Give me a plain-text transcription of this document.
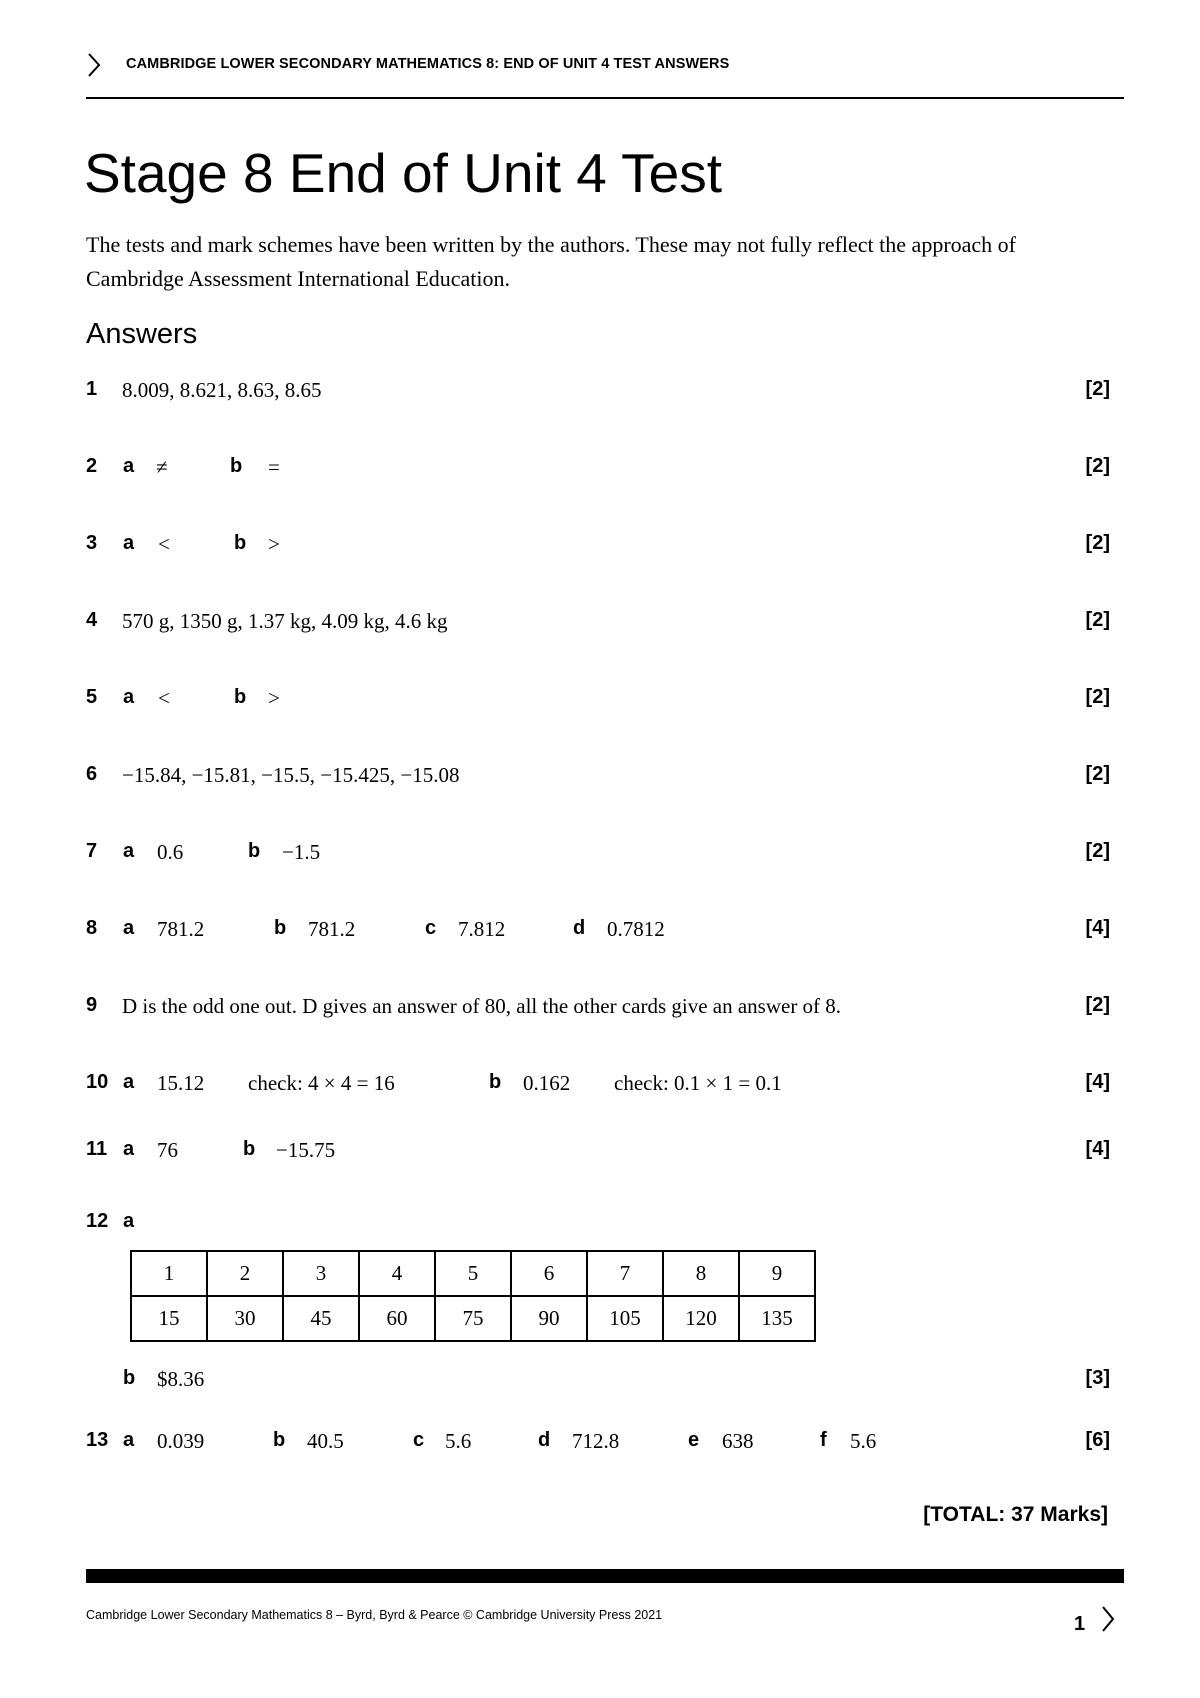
CAMBRIDGE LOWER SECONDARY MATHEMATICS 8: END OF UNIT 4 TEST ANSWERS
Stage 8 End of Unit 4 Test
The tests and mark schemes have been written by the authors. These may not fully reflect the approach of Cambridge Assessment International Education.
Answers
1 8.009, 8.621, 8.63, 8.65	[2]
2 a ≠	b =	[2]
3 a <	b >	[2]
4 570 g, 1350 g, 1.37 kg, 4.09 kg, 4.6 kg	[2]
5 a <	b >	[2]
6 −15.84, −15.81, −15.5, −15.425, −15.08	[2]
7 a 0.6	b −1.5	[2]
8 a 781.2	b 781.2	c 7.812	d 0.7812	[4]
9 D is the odd one out. D gives an answer of 80, all the other cards give an answer of 8.	[2]
10 a 15.12 check: 4 × 4 = 16	b 0.162 check: 0.1 × 1 = 0.1	[4]
11 a 76	b −15.75	[4]
12 a
1	2	3	4	5	6	7	8	9
15	30	45	60	75	90	105	120	135
b $8.36	[3]
13 a 0.039	b 40.5	c 5.6	d 712.8	e 638	f 5.6	[6]
[TOTAL: 37 Marks]
Cambridge Lower Secondary Mathematics 8 – Byrd, Byrd & Pearce © Cambridge University Press 2021	1
